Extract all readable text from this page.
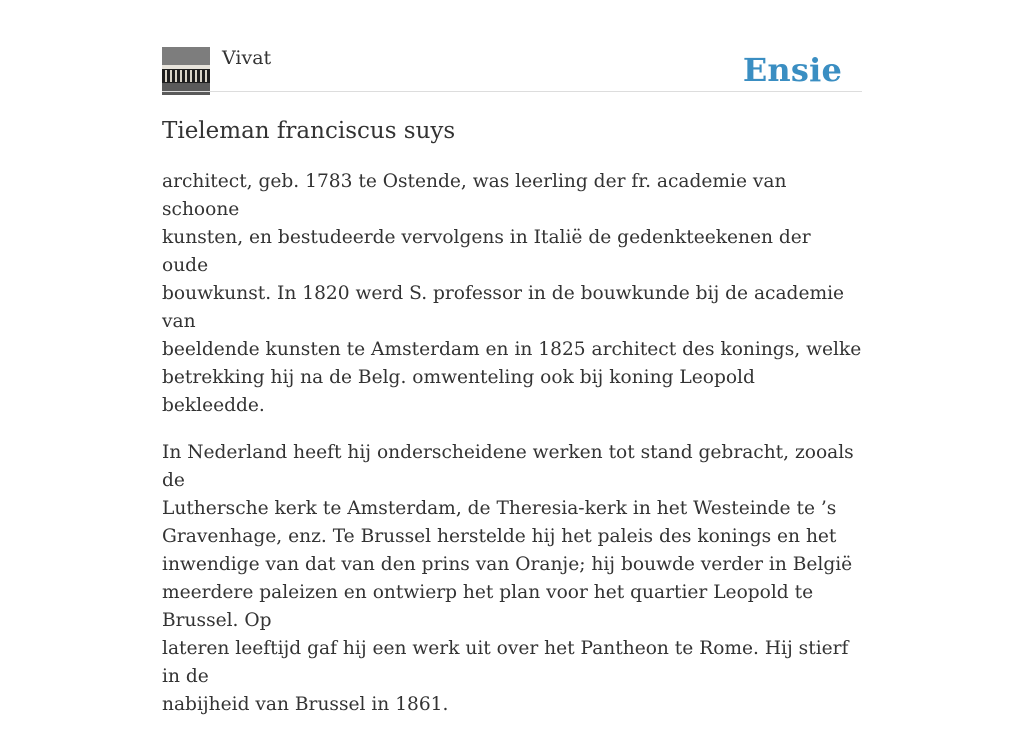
Vivat	Ensie
Tieleman franciscus suys

architect, geb. 1783 te Ostende, was leerling der fr. academie van schoone
kunsten, en bestudeerde vervolgens in Italië de gedenkteekenen der oude
bouwkunst. In 1820 werd S. professor in de bouwkunde bij de academie van
beeldende kunsten te Amsterdam en in 1825 architect des konings, welke
betrekking hij na de Belg. omwenteling ook bij koning Leopold bekleedde.

In Nederland heeft hij onderscheidene werken tot stand gebracht, zooals de
Luthersche kerk te Amsterdam, de Theresia-kerk in het Westeinde te ’s
Gravenhage, enz. Te Brussel herstelde hij het paleis des konings en het
inwendige van dat van den prins van Oranje; hij bouwde verder in België
meerdere paleizen en ontwierp het plan voor het quartier Leopold te Brussel. Op
lateren leeftijd gaf hij een werk uit over het Pantheon te Rome. Hij stierf in de
nabijheid van Brussel in 1861.
